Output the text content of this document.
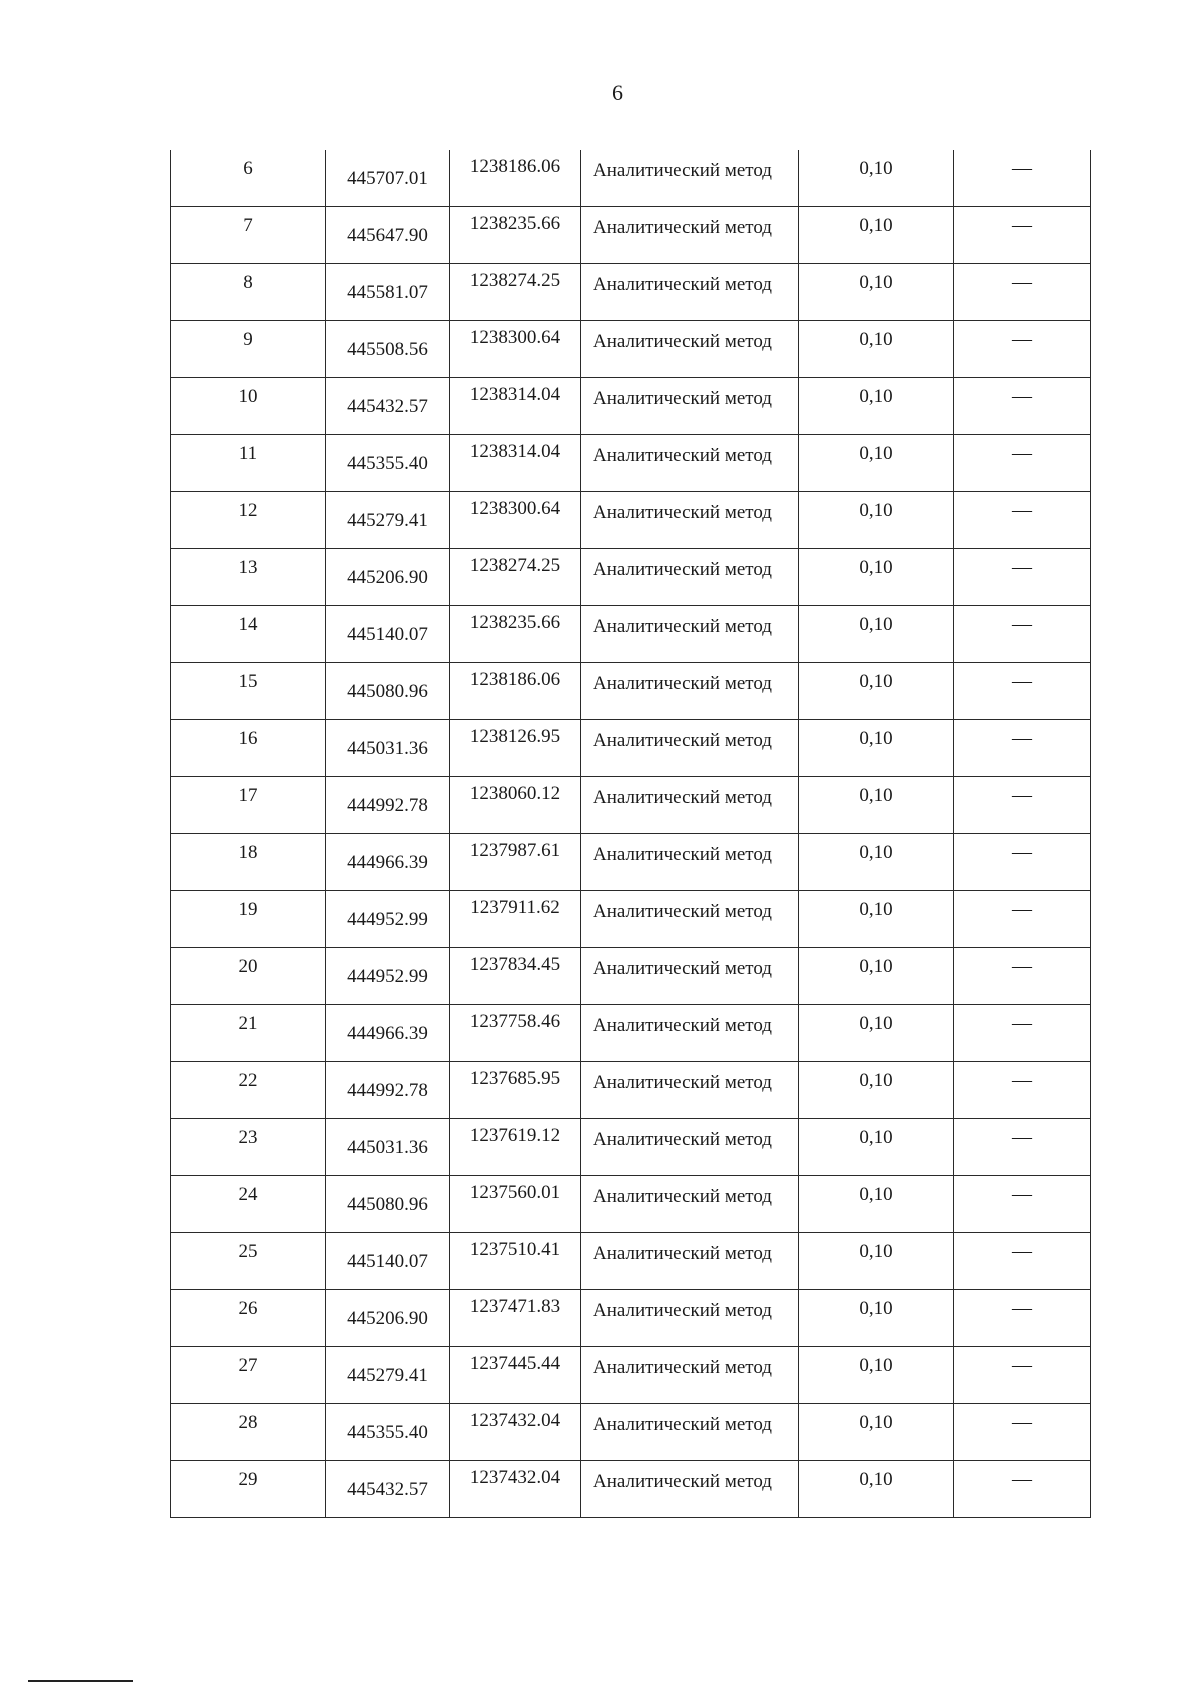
6
6	445707.01	1238186.06	Аналитический метод	0,10	—

7	445647.90	1238235.66	Аналитический метод	0,10	—

8	445581.07	1238274.25	Аналитический метод	0,10	—

9	445508.56	1238300.64	Аналитический метод	0,10	—

10	445432.57	1238314.04	Аналитический метод	0,10	—

11	445355.40	1238314.04	Аналитический метод	0,10	—

12	445279.41	1238300.64	Аналитический метод	0,10	—

13	445206.90	1238274.25	Аналитический метод	0,10	—

14	445140.07	1238235.66	Аналитический метод	0,10	—

15	445080.96	1238186.06	Аналитический метод	0,10	—

16	445031.36	1238126.95	Аналитический метод	0,10	—

17	444992.78	1238060.12	Аналитический метод	0,10	—

18	444966.39	1237987.61	Аналитический метод	0,10	—

19	444952.99	1237911.62	Аналитический метод	0,10	—

20	444952.99	1237834.45	Аналитический метод	0,10	—

21	444966.39	1237758.46	Аналитический метод	0,10	—

22	444992.78	1237685.95	Аналитический метод	0,10	—

23	445031.36	1237619.12	Аналитический метод	0,10	—

24	445080.96	1237560.01	Аналитический метод	0,10	—

25	445140.07	1237510.41	Аналитический метод	0,10	—

26	445206.90	1237471.83	Аналитический метод	0,10	—

27	445279.41	1237445.44	Аналитический метод	0,10	—

28	445355.40	1237432.04	Аналитический метод	0,10	—

29	445432.57	1237432.04	Аналитический метод	0,10	—
